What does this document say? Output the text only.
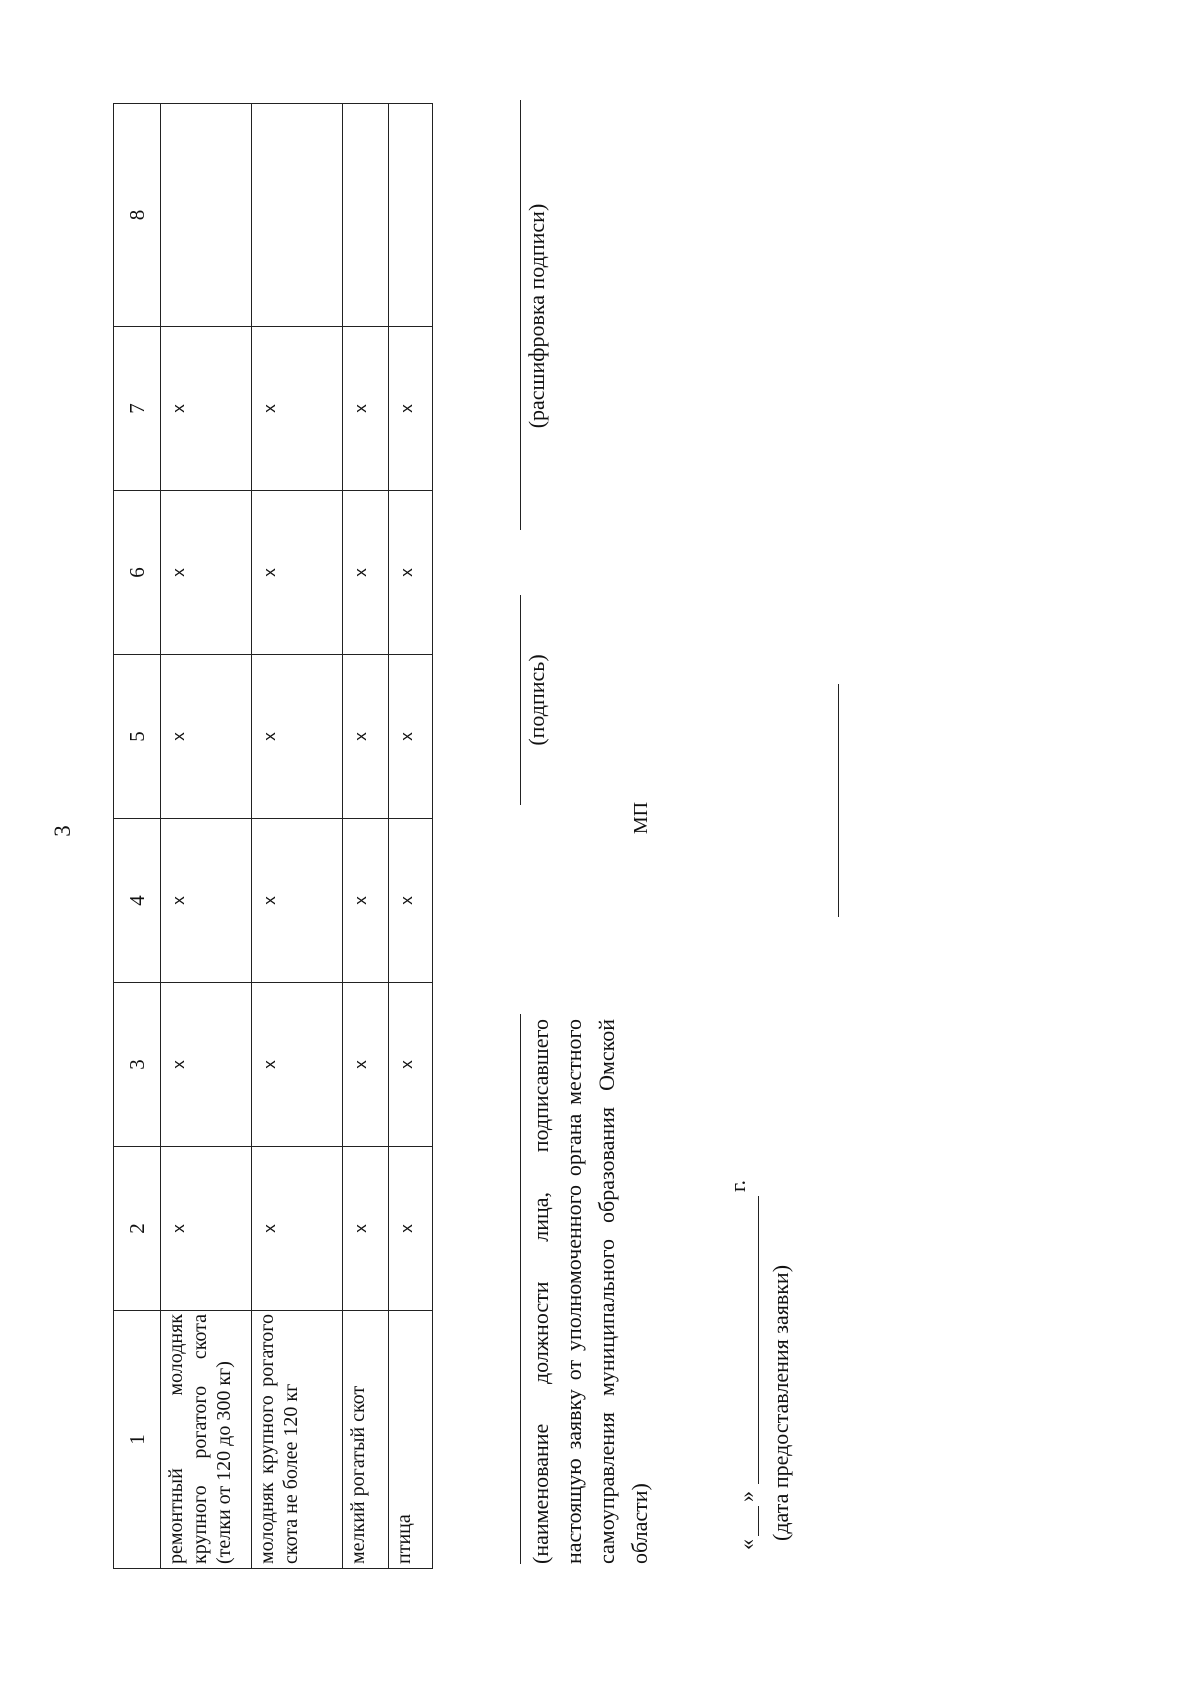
3
1	2	3	4	5	6	7	8
ремонтный молодняк крупного рогатого скота (телки от 120 до 300 кг)	х	х	х	х	х	х	
молодняк крупного рогатого скота не более 120 кг	х	х	х	х	х	х	
мелкий рогатый скот	х	х	х	х	х	х	
птица	х	х	х	х	х	х	
(наименование должности лица, подписавшего настоящую заявку от уполномоченного органа местного самоуправления муниципального образования Омской области)
(подпись)
(расшифровка подписи)
МП
«
»
г.
(дата предоставления заявки)
